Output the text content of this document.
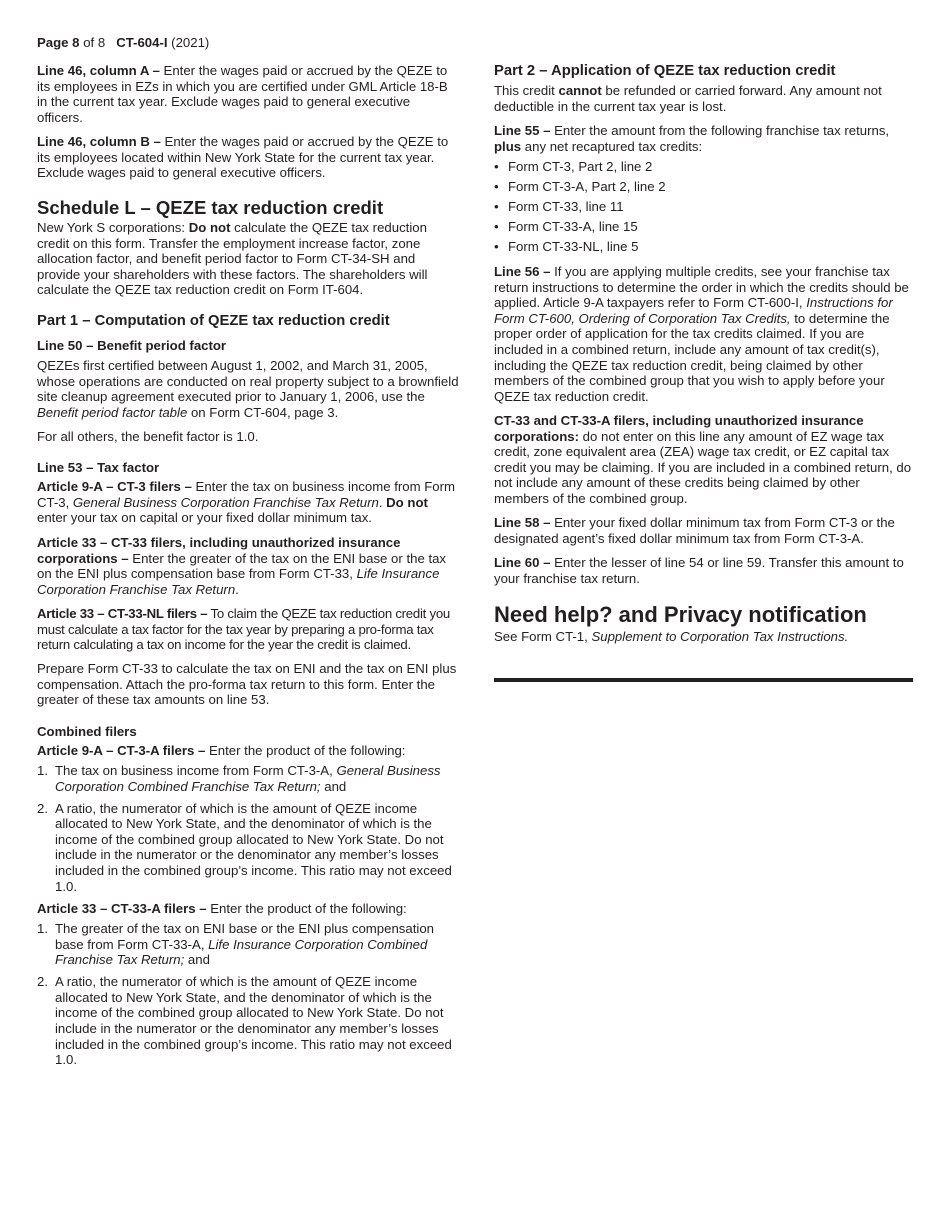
Page 8 of 8 CT-604-I (2021)

Line 46, column A – Enter the wages paid or accrued by the QEZE to its employees in EZs in which you are certified under GML Article 18-B in the current tax year. Exclude wages paid to general executive officers.

Line 46, column B – Enter the wages paid or accrued by the QEZE to its employees located within New York State for the current tax year. Exclude wages paid to general executive officers.

Schedule L – QEZE tax reduction credit

New York S corporations: Do not calculate the QEZE tax reduction credit on this form. Transfer the employment increase factor, zone allocation factor, and benefit period factor to Form CT-34-SH and provide your shareholders with these factors. The shareholders will calculate the QEZE tax reduction credit on Form IT-604.

Part 1 – Computation of QEZE tax reduction credit
Line 50 – Benefit period factor

QEZEs first certified between August 1, 2002, and March 31, 2005, whose operations are conducted on real property subject to a brownfield site cleanup agreement executed prior to January 1, 2006, use the Benefit period factor table on Form CT-604, page 3.

For all others, the benefit factor is 1.0.

Line 53 – Tax factor

Article 9-A – CT-3 filers – Enter the tax on business income from Form CT-3, General Business Corporation Franchise Tax Return. Do not enter your tax on capital or your fixed dollar minimum tax.

Article 33 – CT-33 filers, including unauthorized insurance corporations – Enter the greater of the tax on the ENI base or the tax on the ENI plus compensation base from Form CT-33, Life Insurance Corporation Franchise Tax Return.

Article 33 – CT-33-NL filers – To claim the QEZE tax reduction credit you must calculate a tax factor for the tax year by preparing a pro-forma tax return calculating a tax on income for the year the credit is claimed.

Prepare Form CT-33 to calculate the tax on ENI and the tax on ENI plus compensation. Attach the pro-forma tax return to this form. Enter the greater of these tax amounts on line 53.

Combined filers

Article 9-A – CT-3-A filers – Enter the product of the following:

1. The tax on business income from Form CT-3-A, General Business Corporation Combined Franchise Tax Return; and
2. A ratio, the numerator of which is the amount of QEZE income allocated to New York State, and the denominator of which is the income of the combined group allocated to New York State. Do not include in the numerator or the denominator any member’s losses included in the combined group’s income. This ratio may not exceed 1.0.

Article 33 – CT-33-A filers – Enter the product of the following:

1. The greater of the tax on ENI base or the ENI plus compensation base from Form CT-33-A, Life Insurance Corporation Combined Franchise Tax Return; and
2. A ratio, the numerator of which is the amount of QEZE income allocated to New York State, and the denominator of which is the income of the combined group allocated to New York State. Do not include in the numerator or the denominator any member’s losses included in the combined group’s income. This ratio may not exceed 1.0.
Part 2 – Application of QEZE tax reduction credit

This credit cannot be refunded or carried forward. Any amount not deductible in the current tax year is lost.

Line 55 – Enter the amount from the following franchise tax returns, plus any net recaptured tax credits:

• Form CT-3, Part 2, line 2
• Form CT-3-A, Part 2, line 2
• Form CT-33, line 11
• Form CT-33-A, line 15
• Form CT-33-NL, line 5

Line 56 – If you are applying multiple credits, see your franchise tax return instructions to determine the order in which the credits should be applied. Article 9-A taxpayers refer to Form CT-600-I, Instructions for Form CT-600, Ordering of Corporation Tax Credits, to determine the proper order of application for the tax credits claimed. If you are included in a combined return, include any amount of tax credit(s), including the QEZE tax reduction credit, being claimed by other members of the combined group that you wish to apply before your QEZE tax reduction credit.

CT-33 and CT-33-A filers, including unauthorized insurance corporations: do not enter on this line any amount of EZ wage tax credit, zone equivalent area (ZEA) wage tax credit, or EZ capital tax credit you may be claiming. If you are included in a combined return, do not include any amount of these credits being claimed by other members of the combined group.

Line 58 – Enter your fixed dollar minimum tax from Form CT-3 or the designated agent’s fixed dollar minimum tax from Form CT-3-A.

Line 60 – Enter the lesser of line 54 or line 59. Transfer this amount to your franchise tax return.

Need help? and Privacy notification

See Form CT-1, Supplement to Corporation Tax Instructions.
